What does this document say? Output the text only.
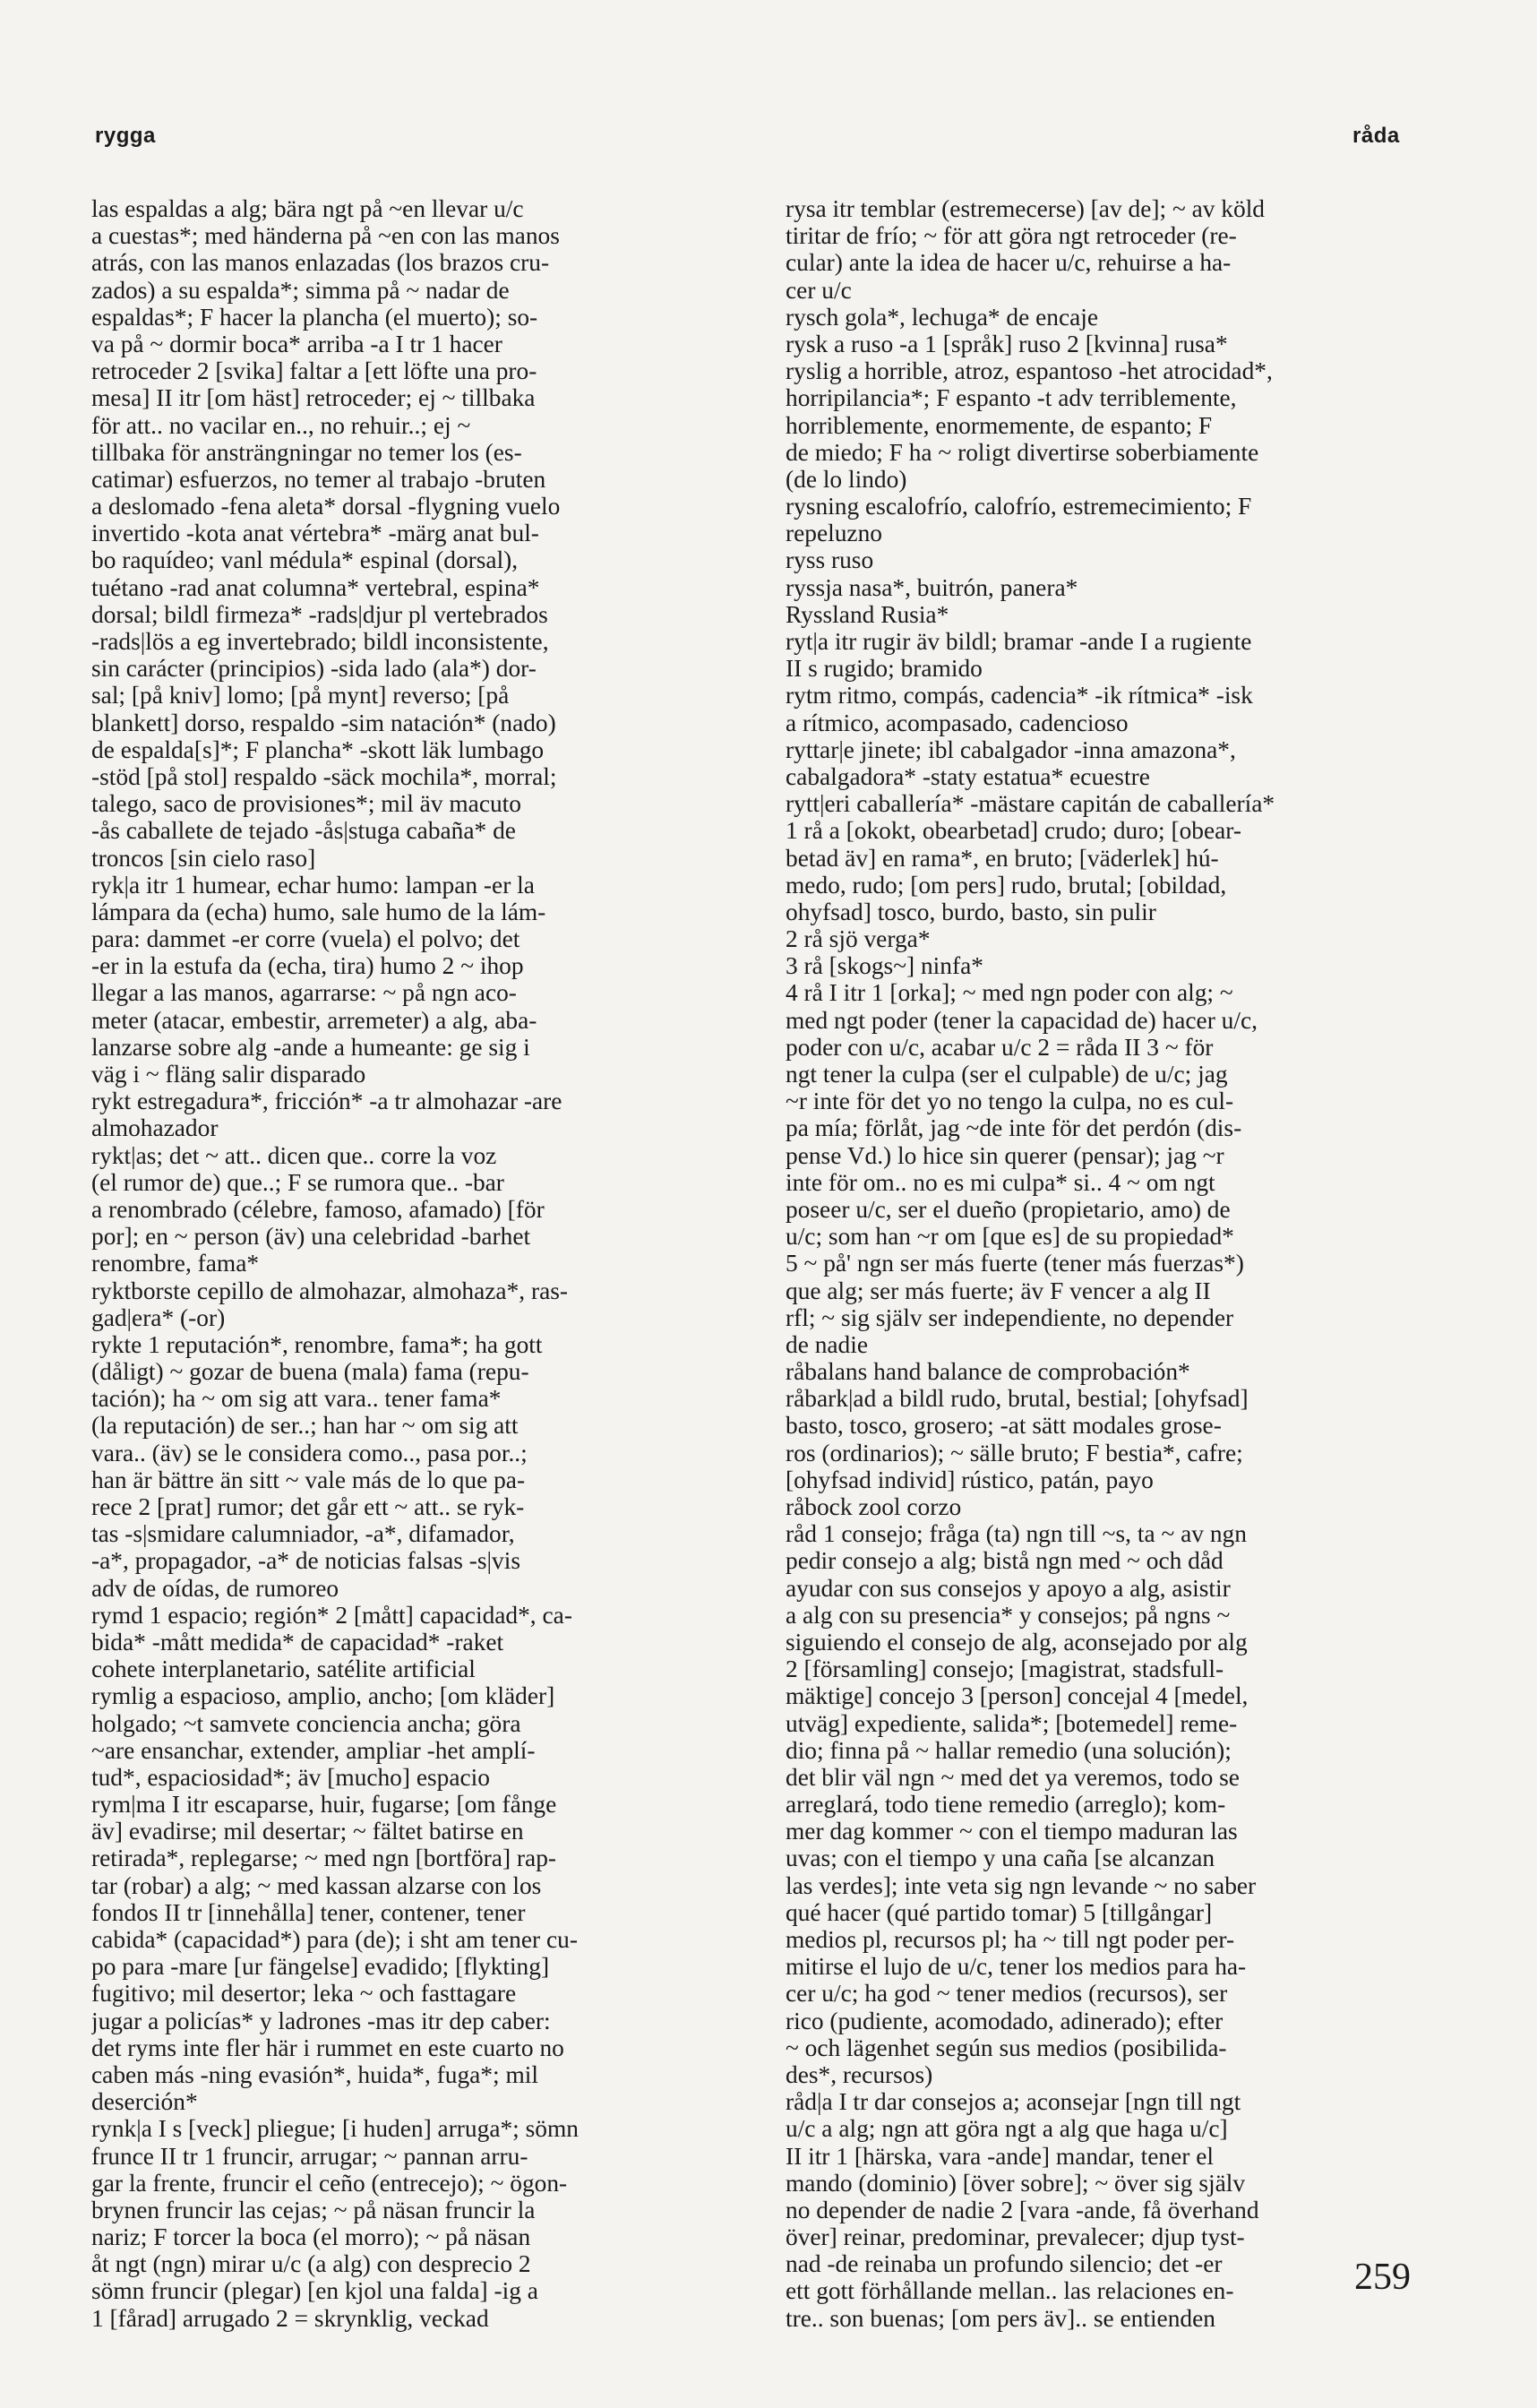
rygga	råda
las espaldas a alg; bära ngt på ~en llevar u/c
a cuestas*; med händerna på ~en con las manos
atrás, con las manos enlazadas (los brazos cru-
zados) a su espalda*; simma på ~ nadar de
espaldas*; F hacer la plancha (el muerto); so-
va på ~ dormir boca* arriba -a I tr 1 hacer
retroceder 2 [svika] faltar a [ett löfte una pro-
mesa] II itr [om häst] retroceder; ej ~ tillbaka
för att.. no vacilar en.., no rehuir..; ej ~
tillbaka för ansträngningar no temer los (es-
catimar) esfuerzos, no temer al trabajo -bruten
a deslomado -fena aleta* dorsal -flygning vuelo
invertido -kota anat vértebra* -märg anat bul-
bo raquídeo; vanl médula* espinal (dorsal),
tuétano -rad anat columna* vertebral, espina*
dorsal; bildl firmeza* -rads|djur pl vertebrados
-rads|lös a eg invertebrado; bildl inconsistente,
sin carácter (principios) -sida lado (ala*) dor-
sal; [på kniv] lomo; [på mynt] reverso; [på
blankett] dorso, respaldo -sim natación* (nado)
de espalda[s]*; F plancha* -skott läk lumbago
-stöd [på stol] respaldo -säck mochila*, morral;
talego, saco de provisiones*; mil äv macuto
-ås caballete de tejado -ås|stuga cabaña* de
troncos [sin cielo raso]
ryk|a itr 1 humear, echar humo: lampan -er la
lámpara da (echa) humo, sale humo de la lám-
para: dammet -er corre (vuela) el polvo; det
-er in la estufa da (echa, tira) humo 2 ~ ihop
llegar a las manos, agarrarse: ~ på ngn aco-
meter (atacar, embestir, arremeter) a alg, aba-
lanzarse sobre alg -ande a humeante: ge sig i
väg i ~ fläng salir disparado
rykt estregadura*, fricción* -a tr almohazar -are
almohazador
rykt|as; det ~ att.. dicen que.. corre la voz
(el rumor de) que..; F se rumora que.. -bar
a renombrado (célebre, famoso, afamado) [för
por]; en ~ person (äv) una celebridad -barhet
renombre, fama*
ryktborste cepillo de almohazar, almohaza*, ras-
gad|era* (-or)
rykte 1 reputación*, renombre, fama*; ha gott
(dåligt) ~ gozar de buena (mala) fama (repu-
tación); ha ~ om sig att vara.. tener fama*
(la reputación) de ser..; han har ~ om sig att
vara.. (äv) se le considera como.., pasa por..;
han är bättre än sitt ~ vale más de lo que pa-
rece 2 [prat] rumor; det går ett ~ att.. se ryk-
tas -s|smidare calumniador, -a*, difamador,
-a*, propagador, -a* de noticias falsas -s|vis
adv de oídas, de rumoreo
rymd 1 espacio; región* 2 [mått] capacidad*, ca-
bida* -mått medida* de capacidad* -raket
cohete interplanetario, satélite artificial
rymlig a espacioso, amplio, ancho; [om kläder]
holgado; ~t samvete conciencia ancha; göra
~are ensanchar, extender, ampliar -het amplí-
tud*, espaciosidad*; äv [mucho] espacio
rym|ma I itr escaparse, huir, fugarse; [om fånge
äv] evadirse; mil desertar; ~ fältet batirse en
retirada*, replegarse; ~ med ngn [bortföra] rap-
tar (robar) a alg; ~ med kassan alzarse con los
fondos II tr [innehålla] tener, contener, tener
cabida* (capacidad*) para (de); i sht am tener cu-
po para -mare [ur fängelse] evadido; [flykting]
fugitivo; mil desertor; leka ~ och fasttagare
jugar a policías* y ladrones -mas itr dep caber:
det ryms inte fler här i rummet en este cuarto no
caben más -ning evasión*, huida*, fuga*; mil
deserción*
rynk|a I s [veck] pliegue; [i huden] arruga*; sömn
frunce II tr 1 fruncir, arrugar; ~ pannan arru-
gar la frente, fruncir el ceño (entrecejo); ~ ögon-
brynen fruncir las cejas; ~ på näsan fruncir la
nariz; F torcer la boca (el morro); ~ på näsan
åt ngt (ngn) mirar u/c (a alg) con desprecio 2
sömn fruncir (plegar) [en kjol una falda] -ig a
1 [fårad] arrugado 2 = skrynklig, veckad
rysa itr temblar (estremecerse) [av de]; ~ av köld
tiritar de frío; ~ för att göra ngt retroceder (re-
cular) ante la idea de hacer u/c, rehuirse a ha-
cer u/c
rysch gola*, lechuga* de encaje
rysk a ruso -a 1 [språk] ruso 2 [kvinna] rusa*
ryslig a horrible, atroz, espantoso -het atrocidad*,
horripilancia*; F espanto -t adv terriblemente,
horriblemente, enormemente, de espanto; F
de miedo; F ha ~ roligt divertirse soberbiamente
(de lo lindo)
rysning escalofrío, calofrío, estremecimiento; F
repeluzno
ryss ruso
ryssja nasa*, buitrón, panera*
Ryssland Rusia*
ryt|a itr rugir äv bildl; bramar -ande I a rugiente
II s rugido; bramido
rytm ritmo, compás, cadencia* -ik rítmica* -isk
a rítmico, acompasado, cadencioso
ryttar|e jinete; ibl cabalgador -inna amazona*,
cabalgadora* -staty estatua* ecuestre
rytt|eri caballería* -mästare capitán de caballería*
1 rå a [okokt, obearbetad] crudo; duro; [obear-
betad äv] en rama*, en bruto; [väderlek] hú-
medo, rudo; [om pers] rudo, brutal; [obildad,
ohyfsad] tosco, burdo, basto, sin pulir
2 rå sjö verga*
3 rå [skogs~] ninfa*
4 rå I itr 1 [orka]; ~ med ngn poder con alg; ~
med ngt poder (tener la capacidad de) hacer u/c,
poder con u/c, acabar u/c 2 = råda II 3 ~ för
ngt tener la culpa (ser el culpable) de u/c; jag
~r inte för det yo no tengo la culpa, no es cul-
pa mía; förlåt, jag ~de inte för det perdón (dis-
pense Vd.) lo hice sin querer (pensar); jag ~r
inte för om.. no es mi culpa* si.. 4 ~ om ngt
poseer u/c, ser el dueño (propietario, amo) de
u/c; som han ~r om [que es] de su propiedad*
5 ~ på' ngn ser más fuerte (tener más fuerzas*)
que alg; ser más fuerte; äv F vencer a alg II
rfl; ~ sig själv ser independiente, no depender
de nadie
råbalans hand balance de comprobación*
råbark|ad a bildl rudo, brutal, bestial; [ohyfsad]
basto, tosco, grosero; -at sätt modales grose-
ros (ordinarios); ~ sälle bruto; F bestia*, cafre;
[ohyfsad individ] rústico, patán, payo
råbock zool corzo
råd 1 consejo; fråga (ta) ngn till ~s, ta ~ av ngn
pedir consejo a alg; bistå ngn med ~ och dåd
ayudar con sus consejos y apoyo a alg, asistir
a alg con su presencia* y consejos; på ngns ~
siguiendo el consejo de alg, aconsejado por alg
2 [församling] consejo; [magistrat, stadsfull-
mäktige] concejo 3 [person] concejal 4 [medel,
utväg] expediente, salida*; [botemedel] reme-
dio; finna på ~ hallar remedio (una solución);
det blir väl ngn ~ med det ya veremos, todo se
arreglará, todo tiene remedio (arreglo); kom-
mer dag kommer ~ con el tiempo maduran las
uvas; con el tiempo y una caña [se alcanzan
las verdes]; inte veta sig ngn levande ~ no saber
qué hacer (qué partido tomar) 5 [tillgångar]
medios pl, recursos pl; ha ~ till ngt poder per-
mitirse el lujo de u/c, tener los medios para ha-
cer u/c; ha god ~ tener medios (recursos), ser
rico (pudiente, acomodado, adinerado); efter
~ och lägenhet según sus medios (posibilida-
des*, recursos)
råd|a I tr dar consejos a; aconsejar [ngn till ngt
u/c a alg; ngn att göra ngt a alg que haga u/c]
II itr 1 [härska, vara -ande] mandar, tener el
mando (dominio) [över sobre]; ~ över sig själv
no depender de nadie 2 [vara -ande, få överhand
över] reinar, predominar, prevalecer; djup tyst-
nad -de reinaba un profundo silencio; det -er
ett gott förhållande mellan.. las relaciones en-
tre.. son buenas; [om pers äv].. se entienden
259
